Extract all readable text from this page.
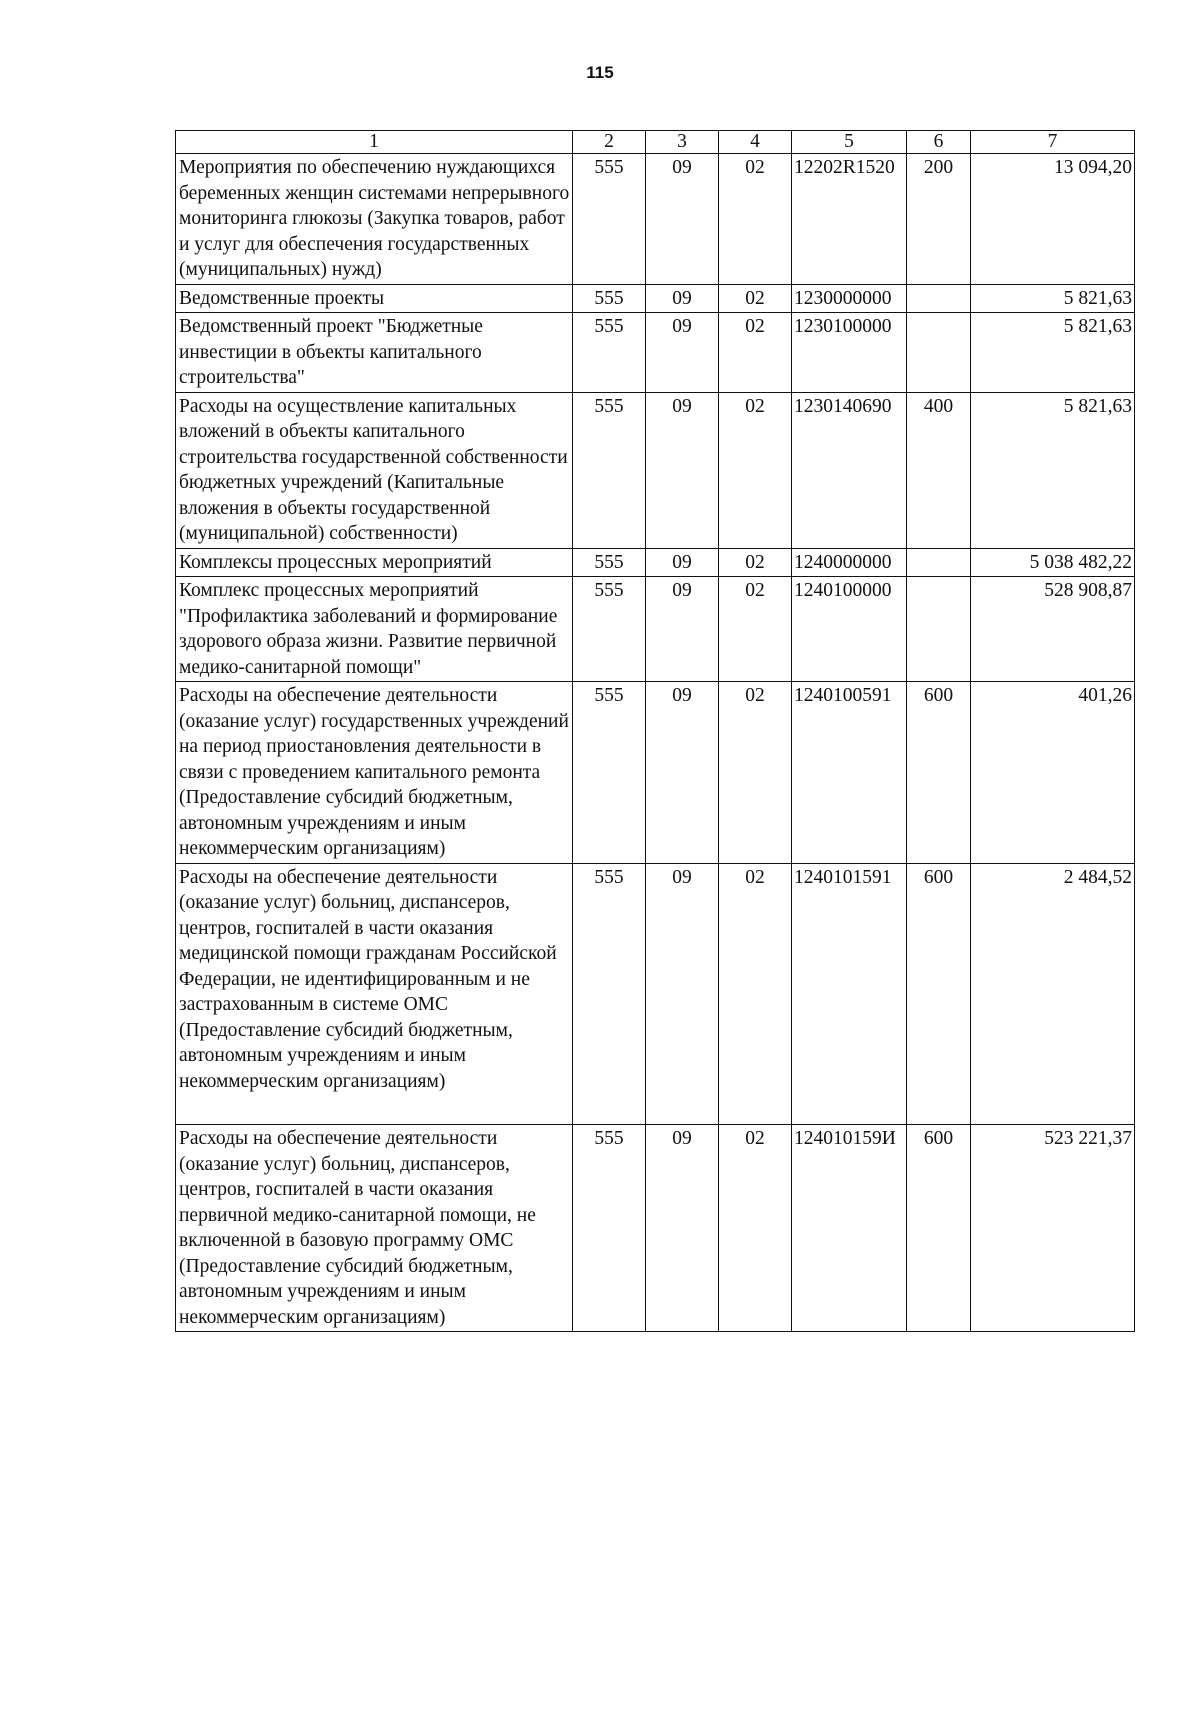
115
1	2	3	4	5	6	7
Мероприятия по обеспечению нуждающихся беременных женщин системами непрерывного мониторинга глюкозы (Закупка товаров, работ и услуг для обеспечения государственных (муниципальных) нужд)	555	09	02	12202R1520	200	13 094,20
Ведомственные проекты	555	09	02	1230000000		5 821,63
Ведомственный проект "Бюджетные инвестиции в объекты капитального строительства"	555	09	02	1230100000		5 821,63
Расходы на осуществление капитальных вложений в объекты капитального строительства государственной собственности бюджетных учреждений (Капитальные вложения в объекты государственной (муниципальной) собственности)	555	09	02	1230140690	400	5 821,63
Комплексы процессных мероприятий	555	09	02	1240000000		5 038 482,22
Комплекс процессных мероприятий "Профилактика заболеваний и формирование здорового образа жизни. Развитие первичной медико-санитарной помощи"	555	09	02	1240100000		528 908,87
Расходы на обеспечение деятельности (оказание услуг) государственных учреждений на период приостановления деятельности в связи с проведением капитального ремонта (Предоставление субсидий бюджетным, автономным учреждениям и иным некоммерческим организациям)	555	09	02	1240100591	600	401,26
Расходы на обеспечение деятельности (оказание услуг) больниц, диспансеров, центров, госпиталей в части оказания медицинской помощи гражданам Российской Федерации, не идентифицированным и не застрахованным в системе ОМС (Предоставление субсидий бюджетным, автономным учреждениям и иным некоммерческим организациям)	555	09	02	1240101591	600	2 484,52
Расходы на обеспечение деятельности (оказание услуг) больниц, диспансеров, центров, госпиталей в части оказания первичной медико-санитарной помощи, не включенной в базовую программу ОМС (Предоставление субсидий бюджетным, автономным учреждениям и иным некоммерческим организациям)	555	09	02	124010159И	600	523 221,37
